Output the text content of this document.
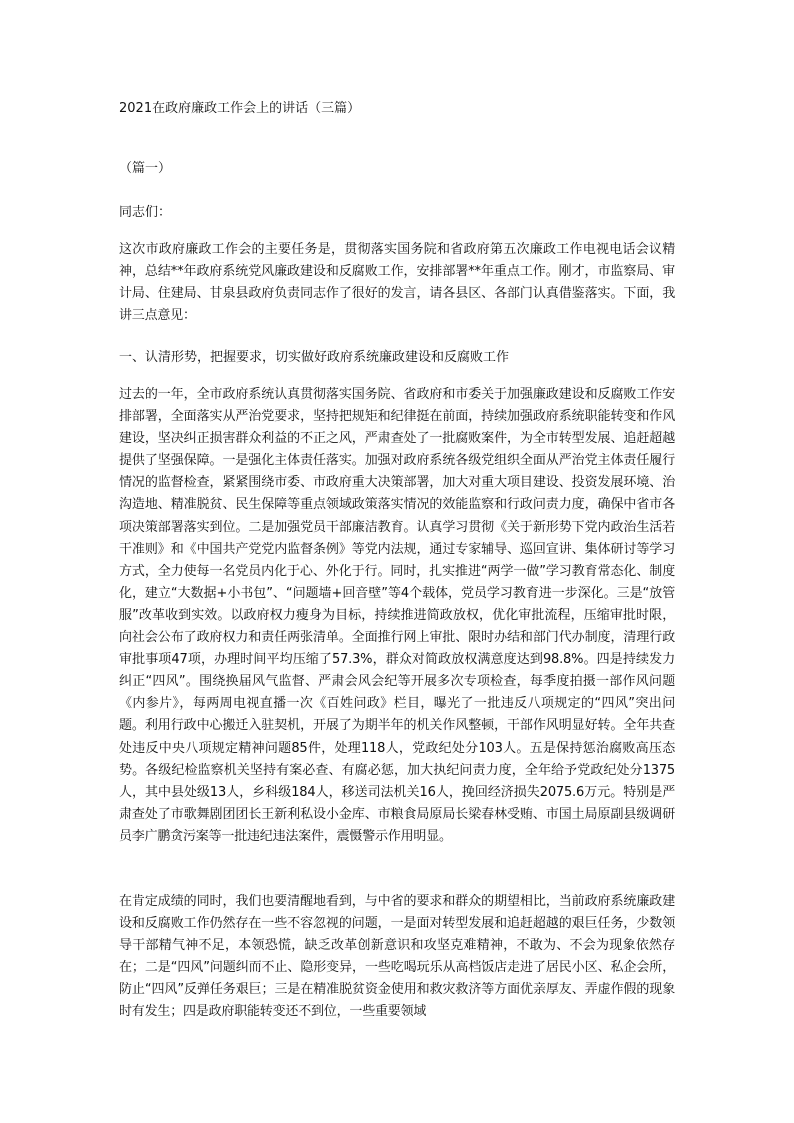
2021在政府廉政工作会上的讲话（三篇）

（篇一）

同志们：

这次市政府廉政工作会的主要任务是，贯彻落实国务院和省政府第五次廉政工作电视电话会议精神，总结**年政府系统党风廉政建设和反腐败工作，安排部署**年重点工作。刚才，市监察局、审计局、住建局、甘泉县政府负责同志作了很好的发言，请各县区、各部门认真借鉴落实。下面，我讲三点意见：

一、认清形势，把握要求，切实做好政府系统廉政建设和反腐败工作

过去的一年，全市政府系统认真贯彻落实国务院、省政府和市委关于加强廉政建设和反腐败工作安排部署，全面落实从严治党要求，坚持把规矩和纪律挺在前面，持续加强政府系统职能转变和作风建设，坚决纠正损害群众利益的不正之风，严肃查处了一批腐败案件，为全市转型发展、追赶超越提供了坚强保障。一是强化主体责任落实。加强对政府系统各级党组织全面从严治党主体责任履行情况的监督检查，紧紧围绕市委、市政府重大决策部署，加大对重大项目建设、投资发展环境、治沟造地、精准脱贫、民生保障等重点领域政策落实情况的效能监察和行政问责力度，确保中省市各项决策部署落实到位。二是加强党员干部廉洁教育。认真学习贯彻《关于新形势下党内政治生活若干准则》和《中国共产党党内监督条例》等党内法规，通过专家辅导、巡回宣讲、集体研讨等学习方式，全力使每一名党员内化于心、外化于行。同时，扎实推进“两学一做”学习教育常态化、制度化，建立“大数据+小书包”、“问题墙+回音壁”等4个载体，党员学习教育进一步深化。三是“放管服”改革收到实效。以政府权力瘦身为目标，持续推进简政放权，优化审批流程，压缩审批时限，向社会公布了政府权力和责任两张清单。全面推行网上审批、限时办结和部门代办制度，清理行政审批事项47项，办理时间平均压缩了57.3%，群众对简政放权满意度达到98.8%。四是持续发力纠正“四风”。围绕换届风气监督、严肃会风会纪等开展多次专项检查，每季度拍摄一部作风问题《内参片》，每两周电视直播一次《百姓问政》栏目，曝光了一批违反八项规定的“四风”突出问题。利用行政中心搬迁入驻契机，开展了为期半年的机关作风整顿，干部作风明显好转。全年共查处违反中央八项规定精神问题85件，处理118人，党政纪处分103人。五是保持惩治腐败高压态势。各级纪检监察机关坚持有案必查、有腐必惩，加大执纪问责力度，全年给予党政纪处分1375人，其中县处级13人，乡科级184人，移送司法机关16人，挽回经济损失2075.6万元。特别是严肃查处了市歌舞剧团团长王新利私设小金库、市粮食局原局长梁春林受贿、市国土局原副县级调研员李广鹏贪污案等一批违纪违法案件，震慑警示作用明显。

在肯定成绩的同时，我们也要清醒地看到，与中省的要求和群众的期望相比，当前政府系统廉政建设和反腐败工作仍然存在一些不容忽视的问题，一是面对转型发展和追赶超越的艰巨任务，少数领导干部精气神不足，本领恐慌，缺乏改革创新意识和攻坚克难精神，不敢为、不会为现象依然存在；二是“四风”问题纠而不止、隐形变异，一些吃喝玩乐从高档饭店走进了居民小区、私企会所，防止“四风”反弹任务艰巨；三是在精准脱贫资金使用和救灾救济等方面优亲厚友、弄虚作假的现象时有发生；四是政府职能转变还不到位，一些重要领域
